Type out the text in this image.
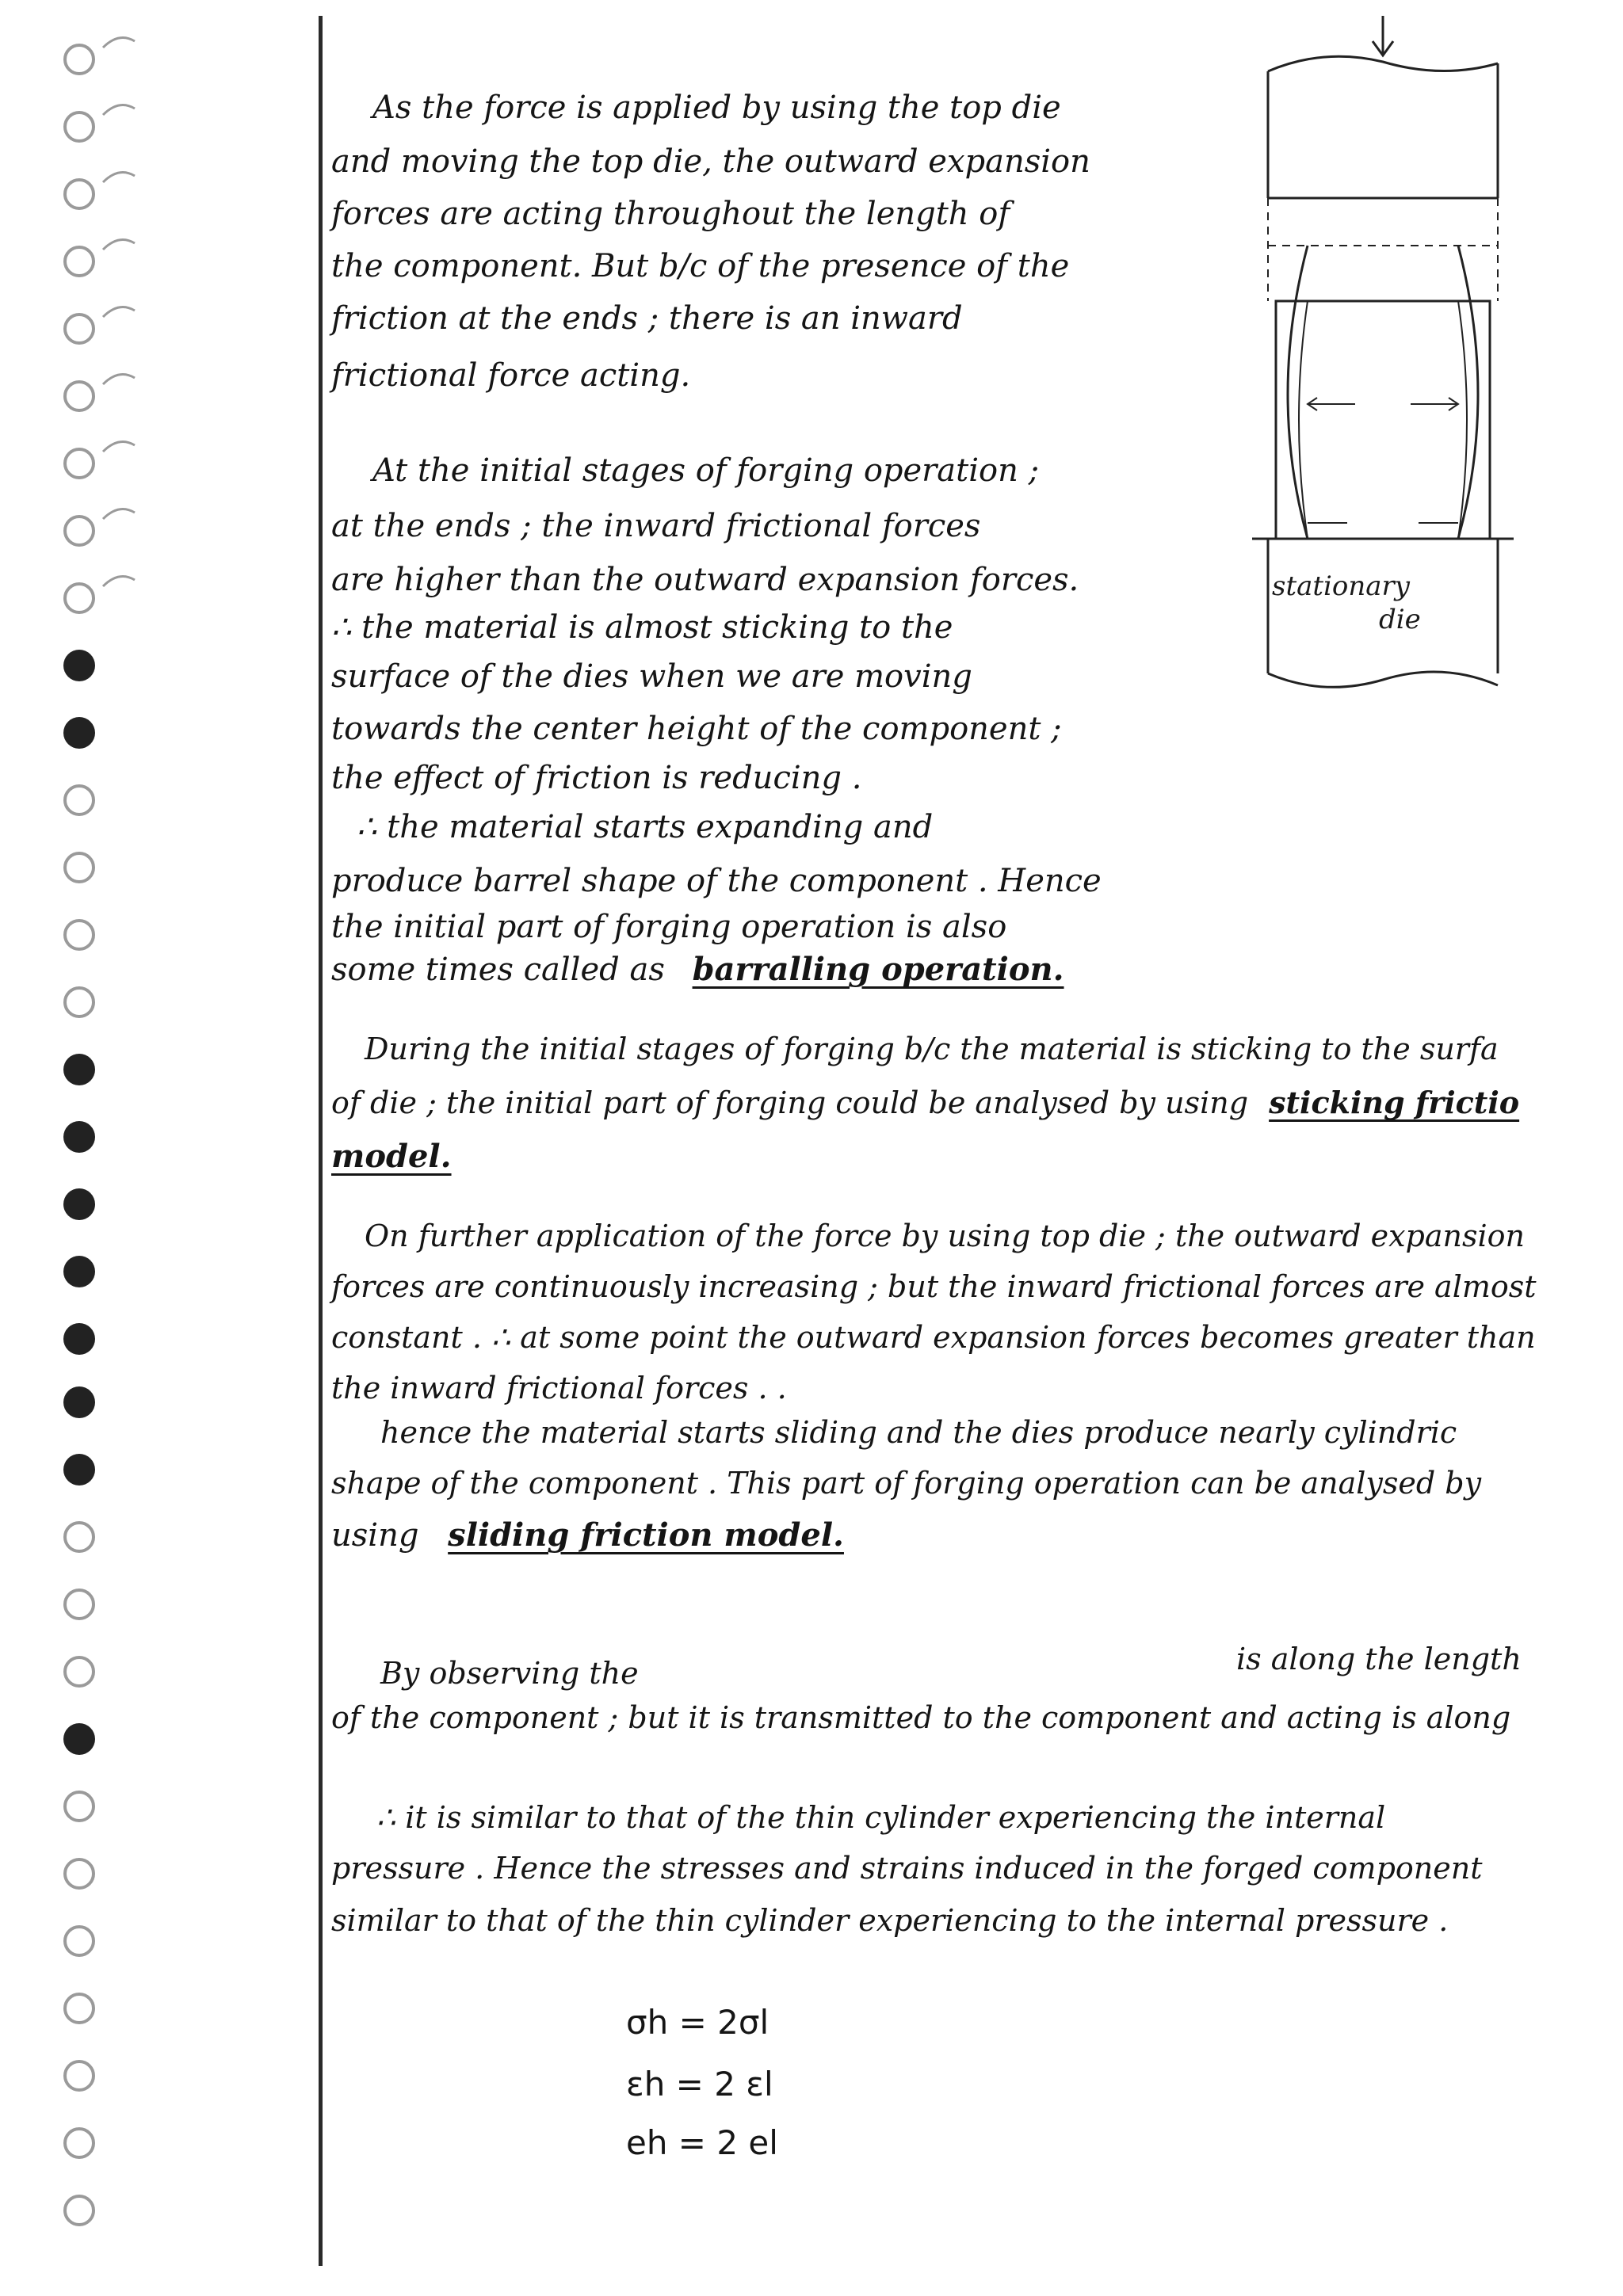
As the force is applied by using the top die
and moving the top die, the outward expansion
forces are acting throughout the length of
the component. But b/c of the presence of the
friction at the ends ; there is an inward
frictional force acting.
At the initial stages of forging operation ;
at the ends ; the inward frictional forces
are higher than the outward expansion forces.
∴ the material is almost sticking to the
surface of the dies when we are moving
towards the center height of the component ;
the effect of friction is reducing .
∴ the material starts expanding and
produce barrel shape of the component . Hence
the initial part of forging operation is also
some times called as barralling operation.
During the initial stages of forging b/c the material is sticking to the surfa
of die ; the initial part of forging could be analysed by using sticking frictio
model.
On further application of the force by using top die ; the outward expansion
forces are continuously increasing ; but the inward frictional forces are almost
constant . ∴ at some point the outward expansion forces becomes greater than
the inward frictional forces . .
hence the material starts sliding and the dies produce nearly cylindric
shape of the component . This part of forging operation can be analysed by
using sliding friction model.
By observing the	is along the length
of the component ; but it is transmitted to the component and acting is along
∴ it is similar to that of the thin cylinder experiencing the internal
pressure . Hence the stresses and strains induced in the forged component
similar to that of the thin cylinder experiencing to the internal pressure .
σh = 2σl
εh = 2 εl
eh = 2 el
stationary
die
